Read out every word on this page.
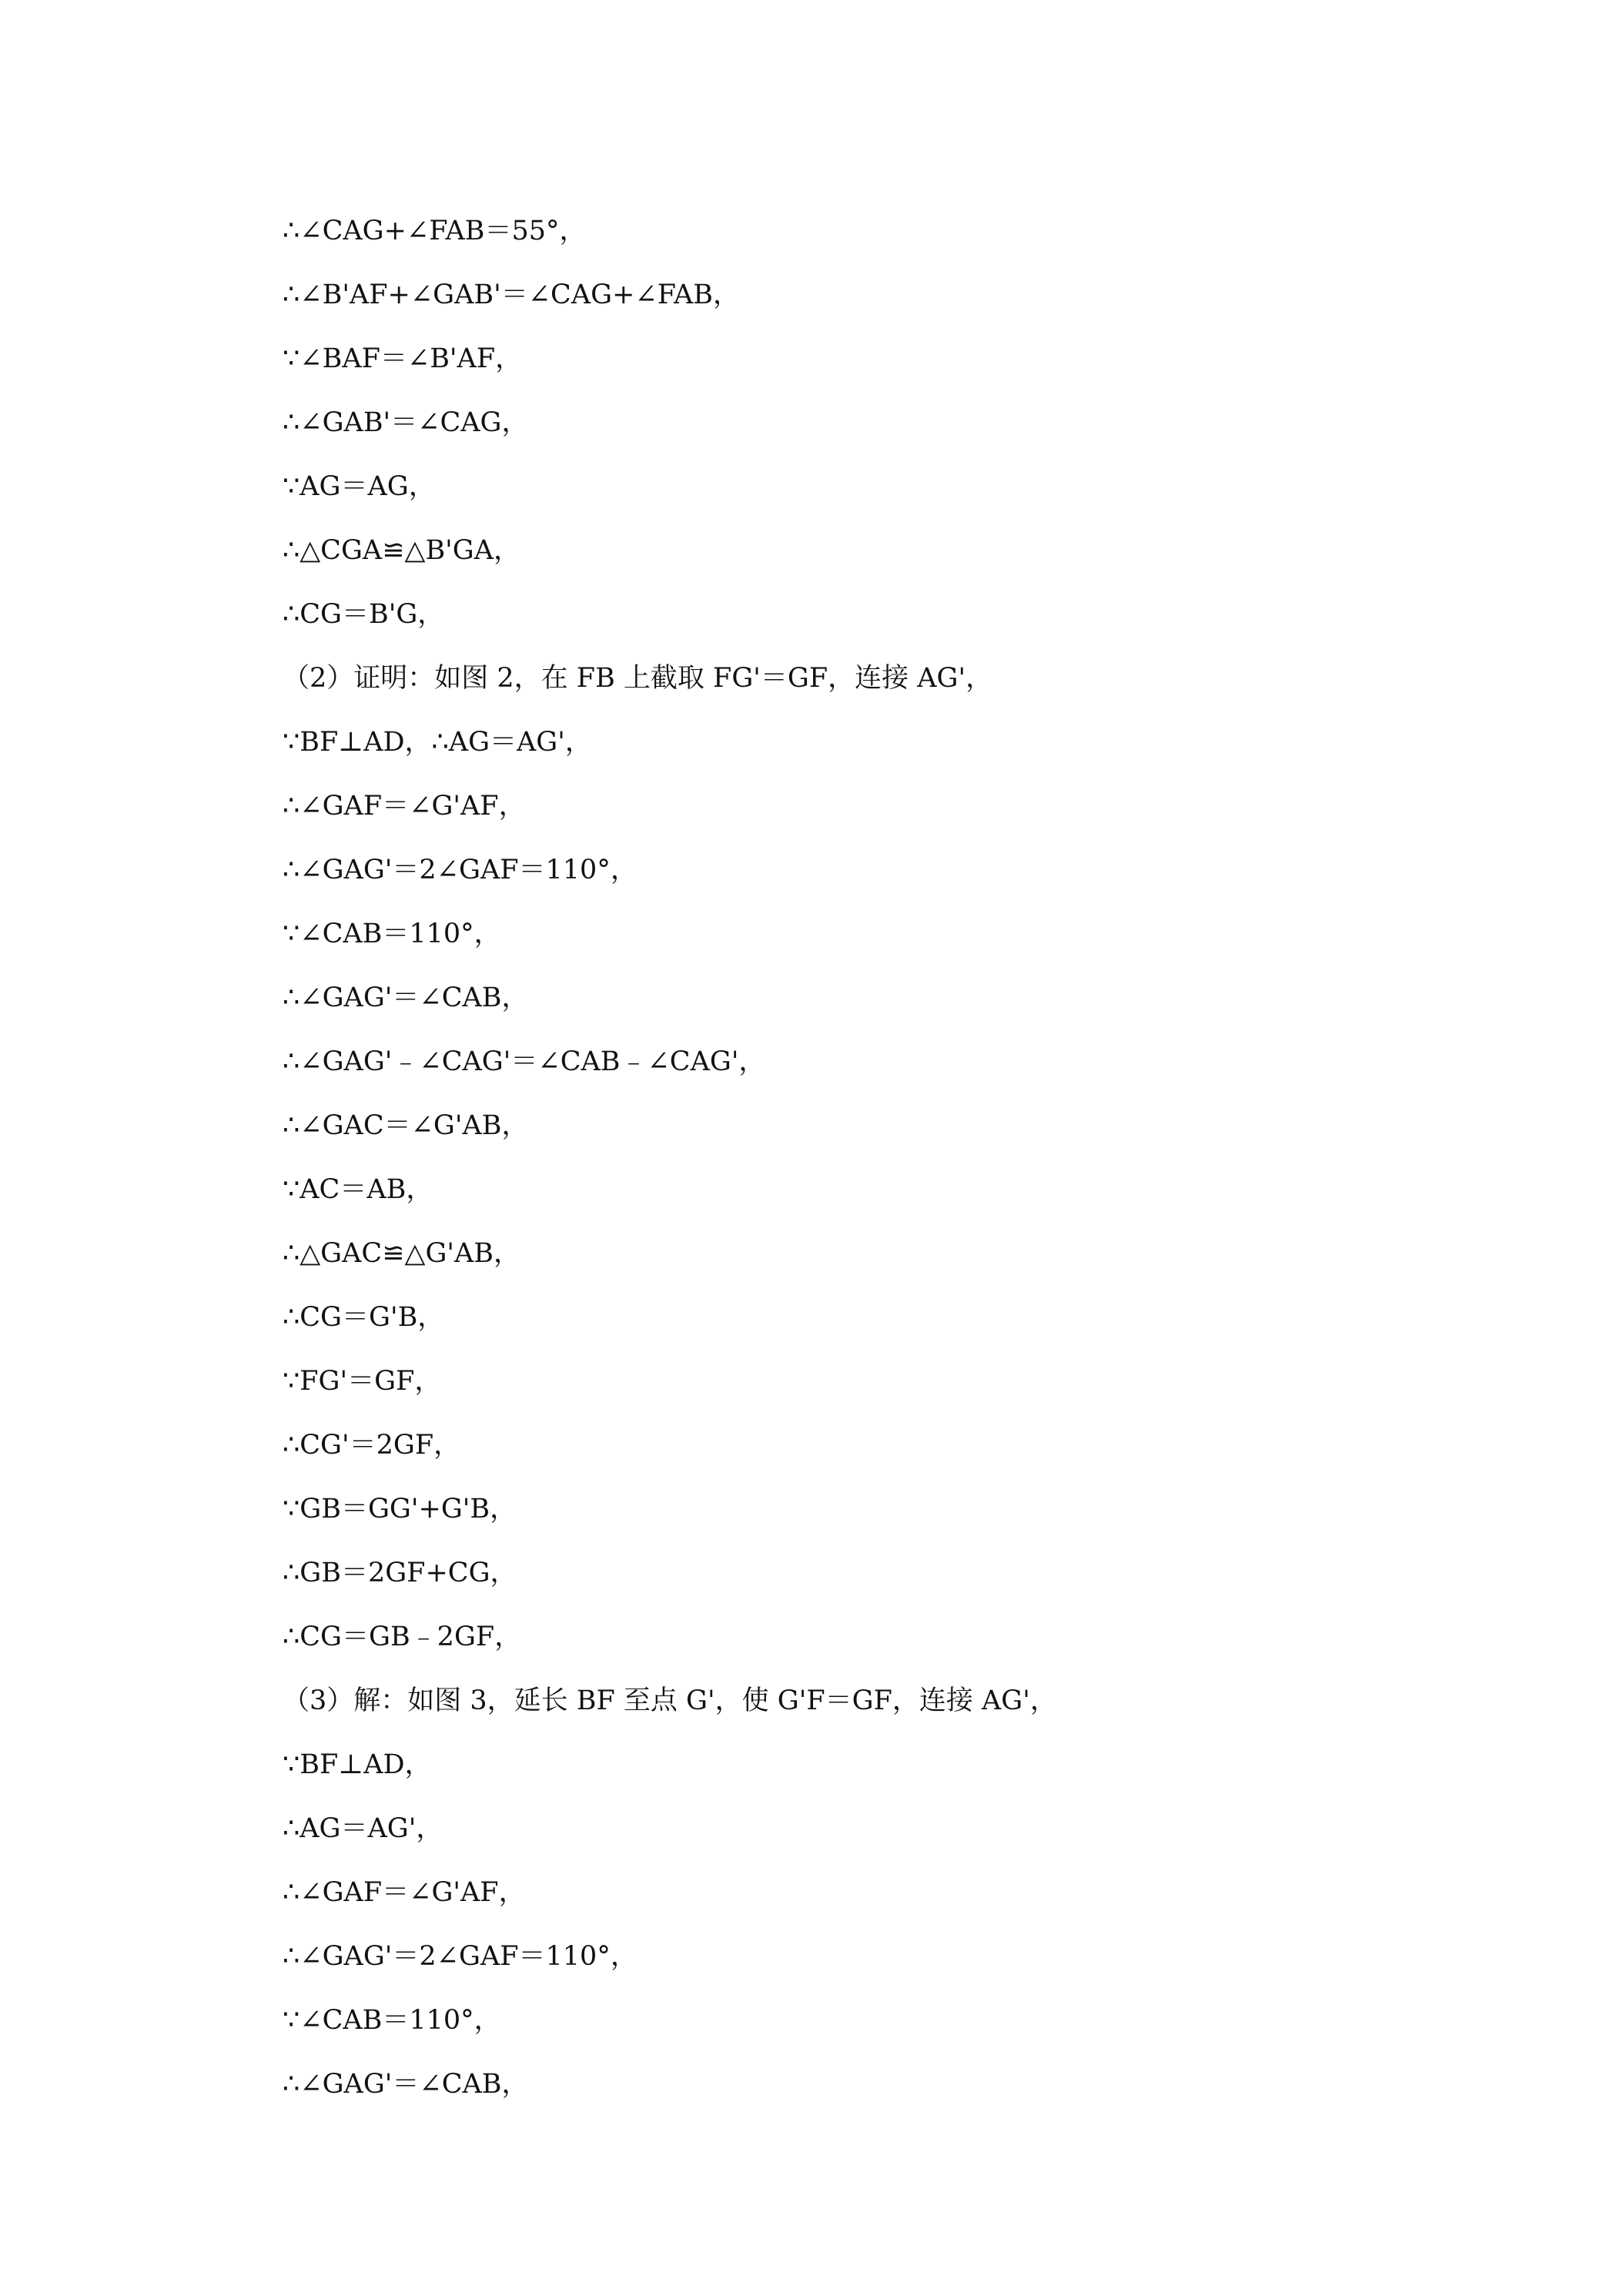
∴∠CAG+∠FAB＝55°，
∴∠B'AF+∠GAB'＝∠CAG+∠FAB，
∵∠BAF＝∠B'AF，
∴∠GAB'＝∠CAG，
∵AG＝AG，
∴△CGA≌△B'GA，
∴CG＝B'G，
（2）证明：如图 2，在 FB 上截取 FG'＝GF，连接 AG'，
∵BF⊥AD，∴AG＝AG'，
∴∠GAF＝∠G'AF，
∴∠GAG'＝2∠GAF＝110°，
∵∠CAB＝110°，
∴∠GAG'＝∠CAB，
∴∠GAG'﹣∠CAG'＝∠CAB﹣∠CAG'，
∴∠GAC＝∠G'AB，
∵AC＝AB，
∴△GAC≌△G'AB，
∴CG＝G'B，
∵FG'＝GF，
∴CG'＝2GF，
∵GB＝GG'+G'B，
∴GB＝2GF+CG，
∴CG＝GB﹣2GF，
（3）解：如图 3，延长 BF 至点 G'，使 G'F＝GF，连接 AG'，
∵BF⊥AD，
∴AG＝AG'，
∴∠GAF＝∠G'AF，
∴∠GAG'＝2∠GAF＝110°，
∵∠CAB＝110°，
∴∠GAG'＝∠CAB，
